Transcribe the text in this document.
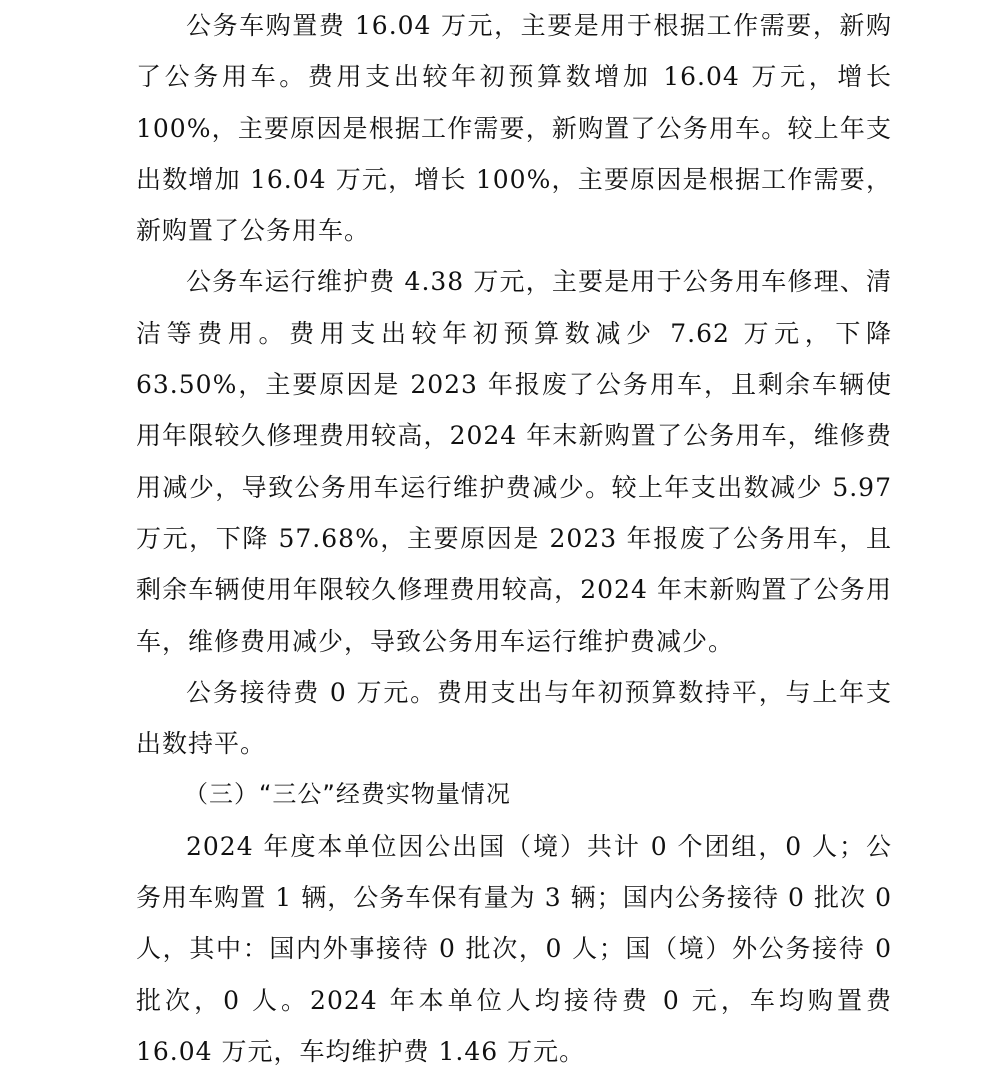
公务车购置费 16.04 万元，主要是用于根据工作需要，新购了公务用车。费用支出较年初预算数增加 16.04 万元，增长 100%，主要原因是根据工作需要，新购置了公务用车。较上年支出数增加 16.04 万元，增长 100%，主要原因是根据工作需要，新购置了公务用车。

公务车运行维护费 4.38 万元，主要是用于公务用车修理、清洁等费用。费用支出较年初预算数减少 7.62 万元，下降 63.50%，主要原因是 2023 年报废了公务用车，且剩余车辆使用年限较久修理费用较高，2024 年末新购置了公务用车，维修费用减少，导致公务用车运行维护费减少。较上年支出数减少 5.97 万元，下降 57.68%，主要原因是 2023 年报废了公务用车，且剩余车辆使用年限较久修理费用较高，2024 年末新购置了公务用车，维修费用减少，导致公务用车运行维护费减少。

公务接待费 0 万元。费用支出与年初预算数持平，与上年支出数持平。

（三）“三公”经费实物量情况

2024 年度本单位因公出国（境）共计 0 个团组，0 人；公务用车购置 1 辆，公务车保有量为 3 辆；国内公务接待 0 批次 0 人，其中：国内外事接待 0 批次，0 人；国（境）外公务接待 0 批次，0 人。2024 年本单位人均接待费 0 元，车均购置费 16.04 万元，车均维护费 1.46 万元。
